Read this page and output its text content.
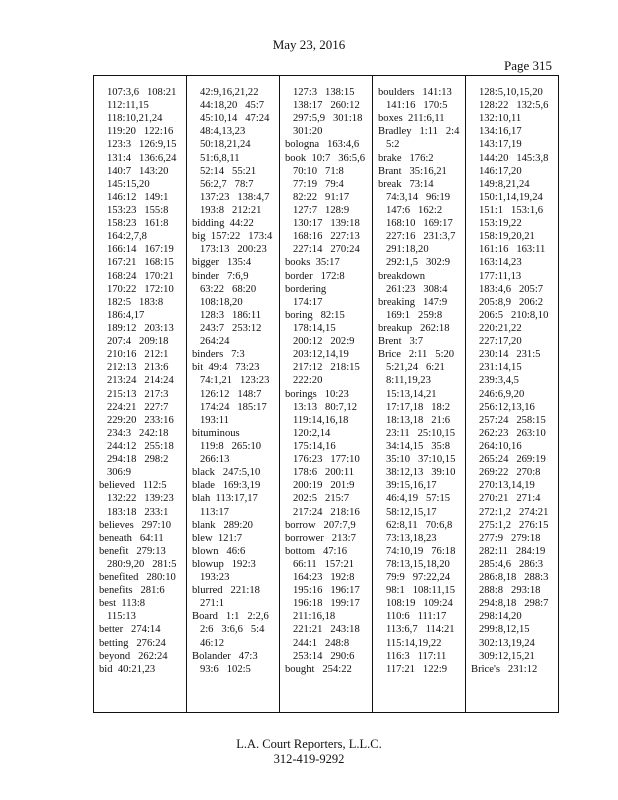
May 23, 2016
Page 315
107:3,6   108:21
112:11,15
118:10,21,24
119:20   122:16
123:3   126:9,15
131:4   136:6,24
140:7   143:20
145:15,20
146:12   149:1
153:23   155:8
158:23   161:8
164:2,7,8
166:14   167:19
167:21   168:15
168:24   170:21
170:22   172:10
182:5   183:8
186:4,17
189:12   203:13
207:4   209:18
210:16   212:1
212:13   213:6
213:24   214:24
215:13   217:3
224:21   227:7
229:20   233:16
234:3   242:18
244:12   255:18
294:18   298:2
306:9
believed   112:5
132:22   139:23
183:18   233:1
believes   297:10
beneath   64:11
benefit   279:13
280:9,20   281:5
benefited   280:10
benefits   281:6
best  113:8
115:13
better   274:14
betting   276:24
beyond   262:24
bid  40:21,23
42:9,16,21,22
44:18,20   45:7
45:10,14   47:24
48:4,13,23
50:18,21,24
51:6,8,11
52:14   55:21
56:2,7   78:7
137:23   138:4,7
193:8   212:21
bidding  44:22
big  157:22   173:4
173:13   200:23
bigger   135:4
binder   7:6,9
63:22   68:20
108:18,20
128:3   186:11
243:7   253:12
264:24
binders   7:3
bit  49:4   73:23
74:1,21   123:23
126:12   148:7
174:24   185:17
193:11
bituminous
119:8   265:10
266:13
black   247:5,10
blade   169:3,19
blah  113:17,17
113:17
blank   289:20
blew  121:7
blown   46:6
blowup   192:3
193:23
blurred   221:18
271:1
Board   1:1   2:2,6
2:6   3:6,6   5:4
46:12
Bolander   47:3
93:6   102:5
127:3   138:15
138:17   260:12
297:5,9   301:18
301:20
bologna   163:4,6
book  10:7   36:5,6
70:10   71:8
77:19   79:4
82:22   91:17
127:7   128:9
130:17   139:18
168:16   227:13
227:14   270:24
books  35:17
border   172:8
bordering
174:17
boring   82:15
178:14,15
200:12   202:9
203:12,14,19
217:12   218:15
222:20
borings   10:23
13:13   80:7,12
119:14,16,18
120:2,14
175:14,16
176:23   177:10
178:6   200:11
200:19   201:9
202:5   215:7
217:24   218:16
borrow   207:7,9
borrower   213:7
bottom   47:16
66:11   157:21
164:23   192:8
195:16   196:17
196:18   199:17
211:16,18
221:21   243:18
244:1   248:8
253:14   290:6
bought   254:22
boulders   141:13
141:16   170:5
boxes  211:6,11
Bradley   1:11   2:4
5:2
brake   176:2
Brant   35:16,21
break   73:14
74:3,14   96:19
147:6   162:2
168:10   169:17
227:16   231:3,7
291:18,20
292:1,5   302:9
breakdown
261:23   308:4
breaking   147:9
169:1   259:8
breakup   262:18
Brent   3:7
Brice   2:11   5:20
5:21,24   6:21
8:11,19,23
15:13,14,21
17:17,18   18:2
18:13,18   21:6
23:11   25:10,15
34:14,15   35:8
35:10   37:10,15
38:12,13   39:10
39:15,16,17
46:4,19   57:15
58:12,15,17
62:8,11   70:6,8
73:13,18,23
74:10,19   76:18
78:13,15,18,20
79:9   97:22,24
98:1   108:11,15
108:19   109:24
110:6   111:17
113:6,7   114:21
115:14,19,22
116:3   117:11
117:21   122:9
128:5,10,15,20
128:22   132:5,6
132:10,11
134:16,17
143:17,19
144:20   145:3,8
146:17,20
149:8,21,24
150:1,14,19,24
151:1   153:1,6
153:19,22
158:19,20,21
161:16   163:11
163:14,23
177:11,13
183:4,6   205:7
205:8,9   206:2
206:5   210:8,10
220:21,22
227:17,20
230:14   231:5
231:14,15
239:3,4,5
246:6,9,20
256:12,13,16
257:24   258:15
262:23   263:10
264:10,16
265:24   269:19
269:22   270:8
270:13,14,19
270:21   271:4
272:1,2   274:21
275:1,2   276:15
277:9   279:18
282:11   284:19
285:4,6   286:3
286:8,18   288:3
288:8   293:18
294:8,18   298:7
298:14,20
299:8,12,15
302:13,19,24
309:12,15,21
Brice's   231:12
L.A. Court Reporters, L.L.C.
312-419-9292
